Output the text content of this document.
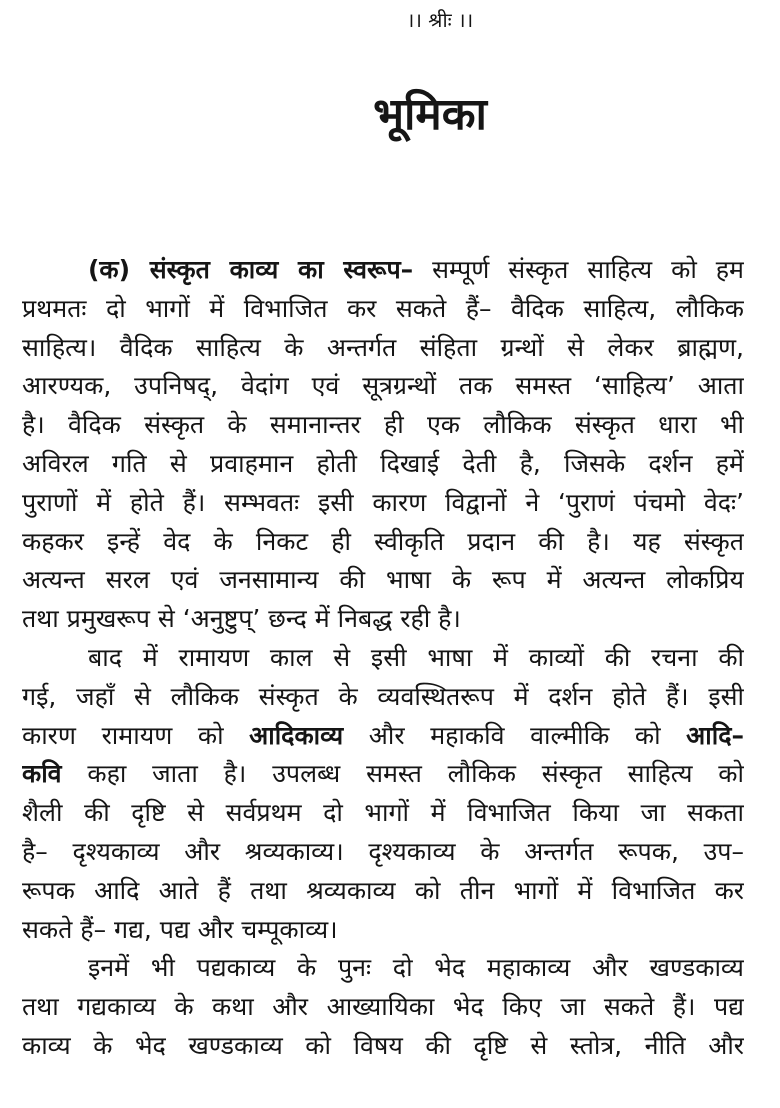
।। श्रीः ।।
भूमिका
(क) संस्कृत काव्य का स्वरूप– सम्पूर्ण संस्कृत साहित्य को हम
प्रथमतः दो भागों में विभाजित कर सकते हैं– वैदिक साहित्य, लौकिक
साहित्य। वैदिक साहित्य के अन्तर्गत संहिता ग्रन्थों से लेकर ब्राह्मण,
आरण्यक, उपनिषद्, वेदांग एवं सूत्रग्रन्थों तक समस्त ‘साहित्य’ आता
है। वैदिक संस्कृत के समानान्तर ही एक लौकिक संस्कृत धारा भी
अविरल गति से प्रवाहमान होती दिखाई देती है, जिसके दर्शन हमें
पुराणों में होते हैं। सम्भवतः इसी कारण विद्वानों ने ‘पुराणं पंचमो वेदः’
कहकर इन्हें वेद के निकट ही स्वीकृति प्रदान की है। यह संस्कृत
अत्यन्त सरल एवं जनसामान्य की भाषा के रूप में अत्यन्त लोकप्रिय
तथा प्रमुखरूप से ‘अनुष्टुप्’ छन्द में निबद्ध रही है।
बाद में रामायण काल से इसी भाषा में काव्यों की रचना की
गई, जहाँ से लौकिक संस्कृत के व्यवस्थितरूप में दर्शन होते हैं। इसी
कारण रामायण को आदिकाव्य और महाकवि वाल्मीकि को आदि–
कवि कहा जाता है। उपलब्ध समस्त लौकिक संस्कृत साहित्य को
शैली की दृष्टि से सर्वप्रथम दो भागों में विभाजित किया जा सकता
है– दृश्यकाव्य और श्रव्यकाव्य। दृश्यकाव्य के अन्तर्गत रूपक, उप–
रूपक आदि आते हैं तथा श्रव्यकाव्य को तीन भागों में विभाजित कर
सकते हैं– गद्य, पद्य और चम्पूकाव्य।
इनमें भी पद्यकाव्य के पुनः दो भेद महाकाव्य और खण्डकाव्य
तथा गद्यकाव्य के कथा और आख्यायिका भेद किए जा सकते हैं। पद्य
काव्य के भेद खण्डकाव्य को विषय की दृष्टि से स्तोत्र, नीति और
